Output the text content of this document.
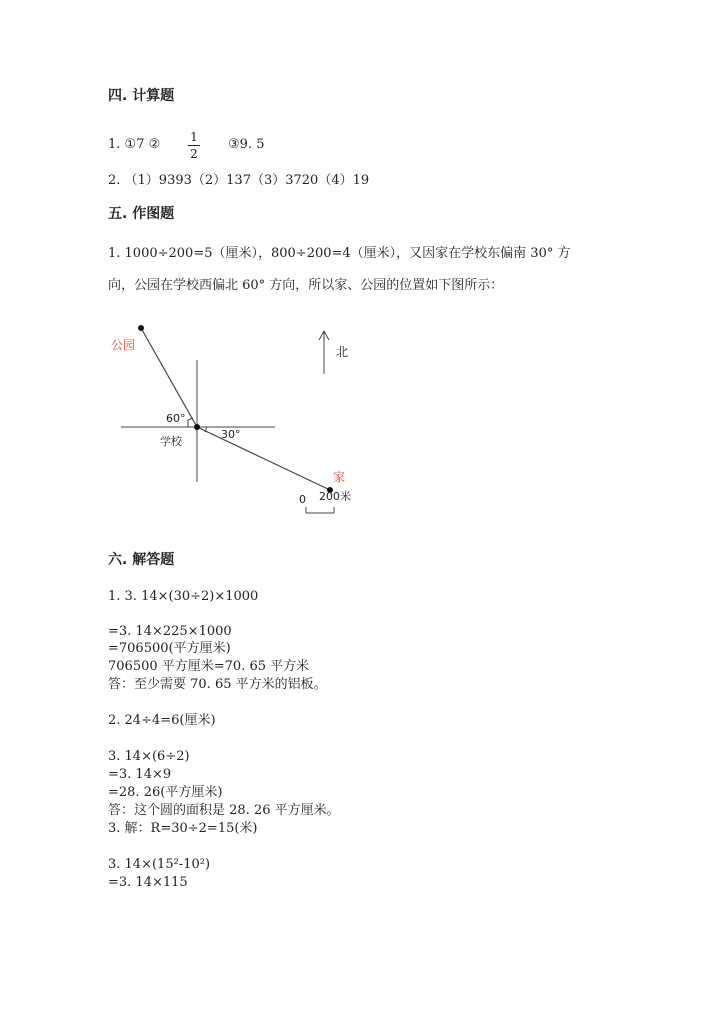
四. 计算题
1. ①7 ② $\frac{1}{2}$ ③9. 5
2. （1）9393（2）137（3）3720（4）19
五. 作图题
1. 1000÷200=5（厘米），800÷200=4（厘米），又因家在学校东偏南 30° 方
向，公园在学校西偏北 60° 方向，所以家、公园的位置如下图所示：
公园	北
60°
30°
学校
家
0 200米
六. 解答题
1. 3. 14×(30÷2)×1000
=3. 14×225×1000
=706500(平方厘米)
706500 平方厘米=70. 65 平方米
答：至少需要 70. 65 平方米的铝板。
2. 24÷4=6(厘米)
3. 14×(6÷2)
=3. 14×9
=28. 26(平方厘米)
答：这个圆的面积是 28. 26 平方厘米。
3. 解：R=30÷2=15(米)
3. 14×(15²-10²)
=3. 14×115
